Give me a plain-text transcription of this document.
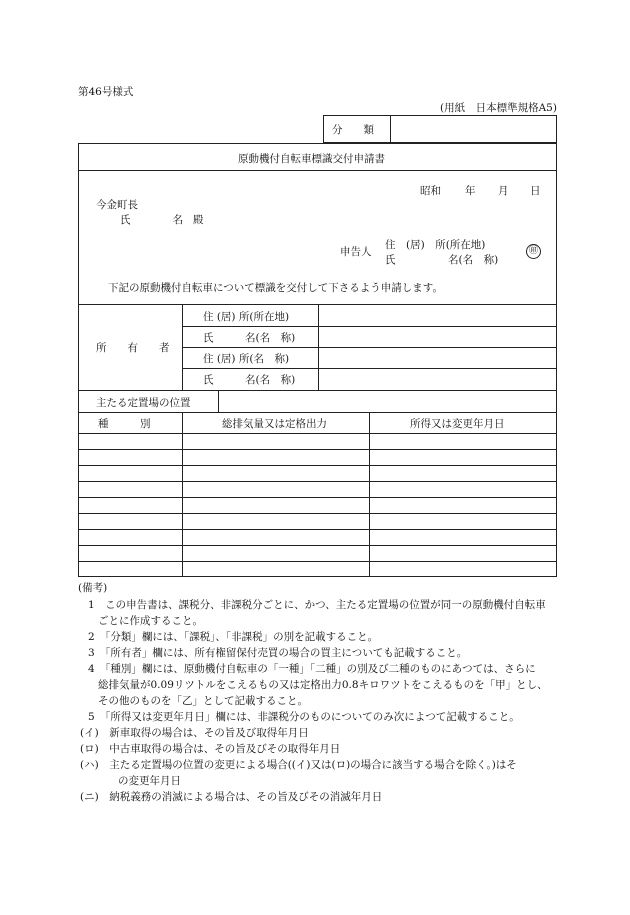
第46号様式
(用紙　日本標準規格A5)
分　　類
原動機付自転車標識交付申請書
昭和 年 月 日
今金町長
氏　　　　名 殿
申告人
住　(居)　所(所在地)
氏　　　　　名(名　称)
㊞
下記の原動機付自転車について標識を交付して下さるよう申請します。
所　　有　　者
住 (居) 所(所在地)
氏　　　名(名　称)
住 (居) 所(名　称)
氏　　　名(名　称)
主たる定置場の位置
種　　　別	総排気量又は定格出力	所得又は変更年月日
(備考)
1　この申告書は、課税分、非課税分ごとに、かつ、主たる定置場の位置が同一の原動機付自転車
ごとに作成すること。
2　「分類」欄には、「課税」、「非課税」の別を記載すること。
3　「所有者」欄には、所有権留保付売買の場合の買主についても記載すること。
4　「種別」欄には、原動機付自転車の「一種」「二種」の別及び二種のものにあつては、さらに
総排気量が0.09リツトルをこえるもの又は定格出力0.8キロワツトをこえるものを「甲」とし、
その他のものを「乙」として記載すること。
5　「所得又は変更年月日」欄には、非課税分のものについてのみ次によつて記載すること。
(イ)　新車取得の場合は、その旨及び取得年月日
(ロ)　中古車取得の場合は、その旨及びその取得年月日
(ハ)　主たる定置場の位置の変更による場合((イ)又は(ロ)の場合に該当する場合を除く。)はそ
の変更年月日
(ニ)　納税義務の消滅による場合は、その旨及びその消滅年月日
